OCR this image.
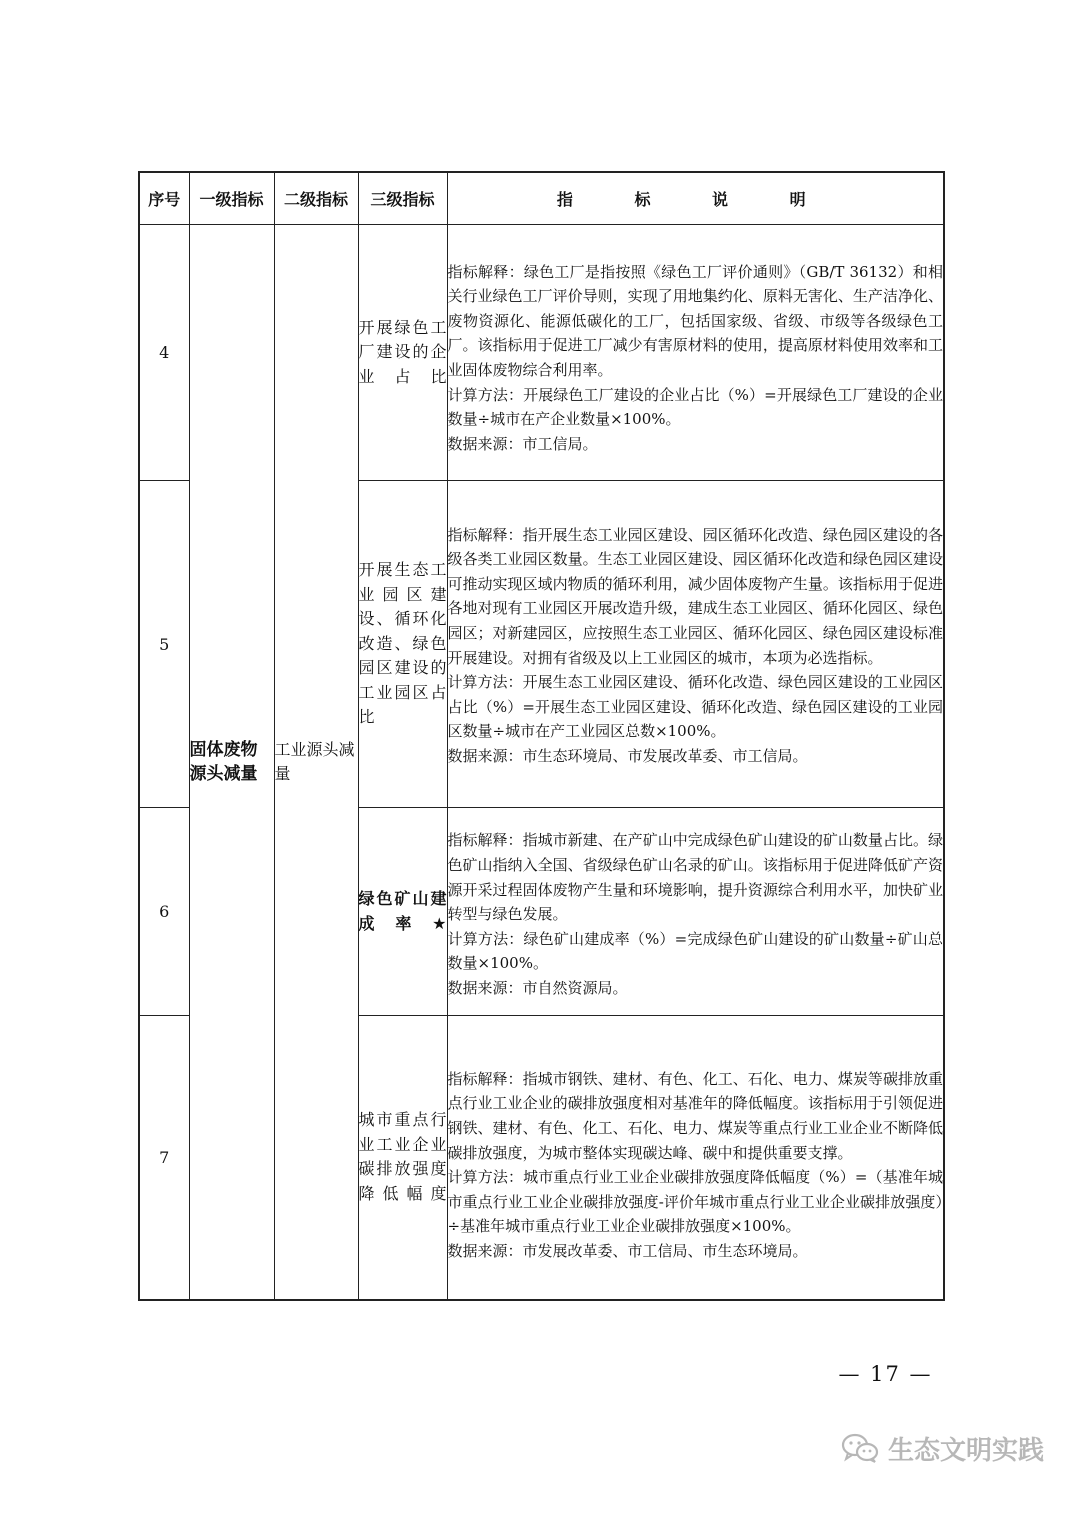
序号	一级指标	二级指标	三级指标	指 标 说 明
4	固体废物源头减量	工业源头减量	开展绿色工厂建设的企业占比	指标解释：绿色工厂是指按照《绿色工厂评价通则》（GB/T 36132）和相关行业绿色工厂评价导则，实现了用地集约化、原料无害化、生产洁净化、废物资源化、能源低碳化的工厂，包括国家级、省级、市级等各级绿色工厂。该指标用于促进工厂减少有害原材料的使用，提高原材料使用效率和工业固体废物综合利用率。

计算方法：开展绿色工厂建设的企业占比（%）=开展绿色工厂建设的企业数量÷城市在产企业数量×100%。

数据来源：市工信局。

5			开展生态工业园区建设、循环化改造、绿色园区建设的工业园区占比	指标解释：指开展生态工业园区建设、园区循环化改造、绿色园区建设的各级各类工业园区数量。生态工业园区建设、园区循环化改造和绿色园区建设可推动实现区域内物质的循环利用，减少固体废物产生量。该指标用于促进各地对现有工业园区开展改造升级，建成生态工业园区、循环化园区、绿色园区；对新建园区，应按照生态工业园区、循环化园区、绿色园区建设标准开展建设。对拥有省级及以上工业园区的城市，本项为必选指标。

计算方法：开展生态工业园区建设、循环化改造、绿色园区建设的工业园区占比（%）=开展生态工业园区建设、循环化改造、绿色园区建设的工业园区数量÷城市在产工业园区总数×100%。

数据来源：市生态环境局、市发展改革委、市工信局。

6			绿色矿山建成率★	指标解释：指城市新建、在产矿山中完成绿色矿山建设的矿山数量占比。绿色矿山指纳入全国、省级绿色矿山名录的矿山。该指标用于促进降低矿产资源开采过程固体废物产生量和环境影响，提升资源综合利用水平，加快矿业转型与绿色发展。

计算方法：绿色矿山建成率（%）=完成绿色矿山建设的矿山数量÷矿山总数量×100%。

数据来源：市自然资源局。

7			城市重点行业工业企业碳排放强度降低幅度	指标解释：指城市钢铁、建材、有色、化工、石化、电力、煤炭等碳排放重点行业工业企业的碳排放强度相对基准年的降低幅度。该指标用于引领促进钢铁、建材、有色、化工、石化、电力、煤炭等重点行业工业企业不断降低碳排放强度，为城市整体实现碳达峰、碳中和提供重要支撑。

计算方法：城市重点行业工业企业碳排放强度降低幅度（%）=（基准年城市重点行业工业企业碳排放强度-评价年城市重点行业工业企业碳排放强度）÷基准年城市重点行业工业企业碳排放强度×100%。

数据来源：市发展改革委、市工信局、市生态环境局。

— 17 —
生态文明实践
